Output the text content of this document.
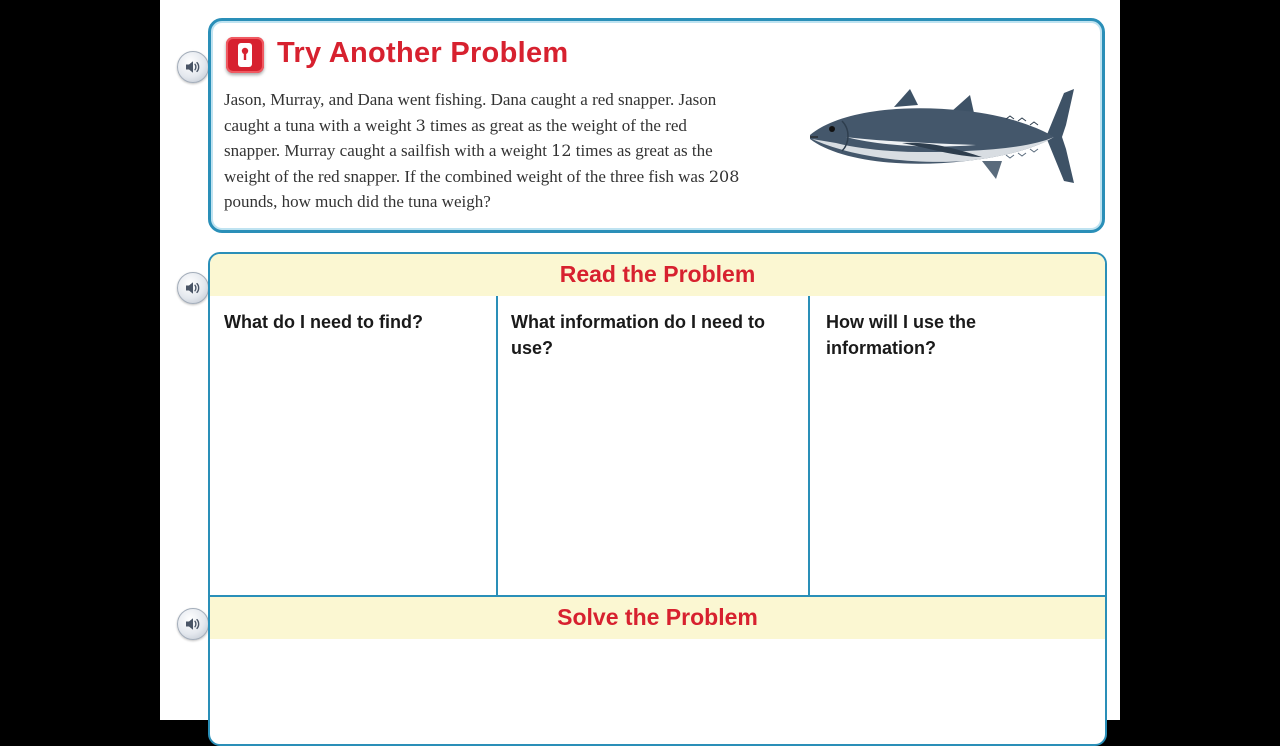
Try Another Problem
Jason, Murray, and Dana went fishing. Dana caught a red snapper. Jason caught a tuna with a weight 3 times as great as the weight of the red snapper. Murray caught a sailfish with a weight 12 times as great as the weight of the red snapper. If the combined weight of the three fish was 208 pounds, how much did the tuna weigh?
Read the Problem
What do I need to find?	What information do I need to use?
How will I use the information?
Solve the Problem
